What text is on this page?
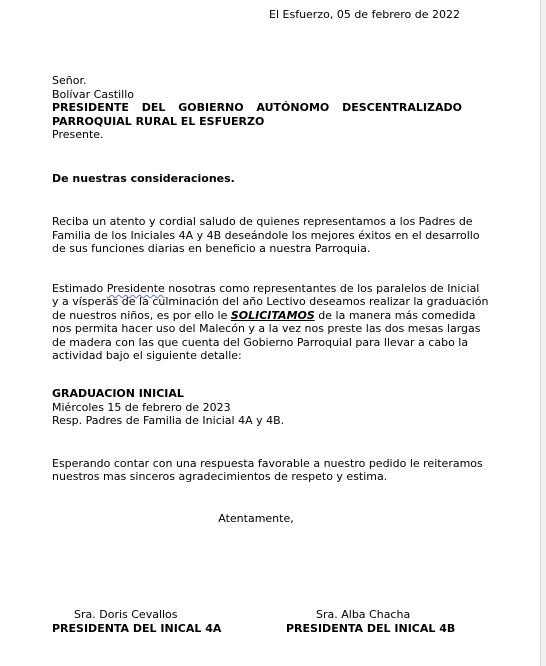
El Esfuerzo, 05 de febrero de 2022
Señor.
Bolívar Castillo
PRESIDENTE DEL GOBIERNO AUTÓNOMO DESCENTRALIZADO
PARROQUIAL RURAL EL ESFUERZO
Presente.
De nuestras consideraciones.
Reciba un atento y cordial saludo de quienes representamos a los Padres de
Familia de los Iniciales 4A y 4B deseándole los mejores éxitos en el desarrollo
de sus funciones diarias en beneficio a nuestra Parroquia.
Estimado Presidente nosotras como representantes de los paralelos de Inicial
y a vísperas de la culminación del año Lectivo deseamos realizar la graduación
de nuestros niños, es por ello le SOLICITAMOS de la manera más comedida
nos permita hacer uso del Malecón y a la vez nos preste las dos mesas largas
de madera con las que cuenta del Gobierno Parroquial para llevar a cabo la
actividad bajo el siguiente detalle:
GRADUACION INICIAL
Miércoles 15 de febrero de 2023
Resp. Padres de Familia de Inicial 4A y 4B.
Esperando contar con una respuesta favorable a nuestro pedido le reiteramos
nuestros mas sinceros agradecimientos de respeto y estima.
Atentamente,
Sra. Doris Cevallos
PRESIDENTA DEL INICAL 4A
Sra. Alba Chacha
PRESIDENTA DEL INICAL 4B
